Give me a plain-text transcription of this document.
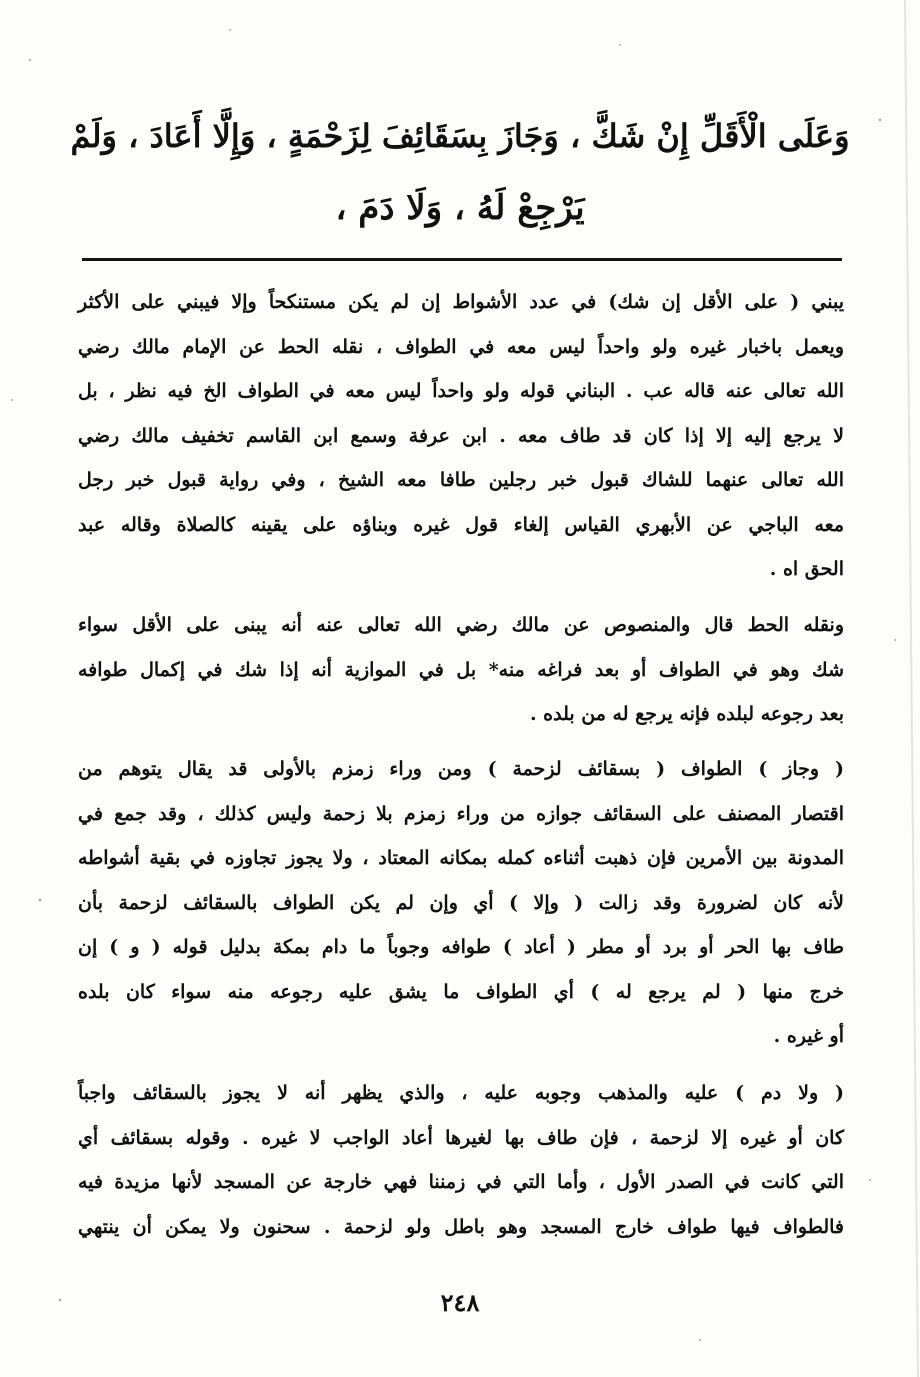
وَعَلَى الْأَقَلِّ إِنْ شَكَّ ، وَجَازَ بِسَقَائِفَ لِزَحْمَةٍ ، وَإِلَّا أَعَادَ ، وَلَمْ
يَرْجِعْ لَهُ ، وَلَا دَمَ ،
يبني ( على الأقل إن شك) في عدد الأشواط إن لم يكن مستنكحاً وإلا فيبني على الأكثر
ويعمل باخبار غيره ولو واحداً ليس معه في الطواف ، نقله الحط عن الإمام مالك رضي
الله تعالى عنه قاله عب . البناني قوله ولو واحداً ليس معه في الطواف الخ فيه نظر ، بل
لا يرجع إليه إلا إذا كان قد طاف معه . ابن عرفة وسمع ابن القاسم تخفيف مالك رضي
الله تعالى عنهما للشاك قبول خبر رجلين طافا معه الشيخ ، وفي رواية قبول خبر رجل
معه الباجي عن الأبهري القياس إلغاء قول غيره وبناؤه على يقينه كالصلاة وقاله عبد
الحق اه .
ونقله الحط قال والمنصوص عن مالك رضي الله تعالى عنه أنه يبنى على الأقل سواء
شك وهو في الطواف أو بعد فراغه منه* بل في الموازية أنه إذا شك في إكمال طوافه
بعد رجوعه لبلده فإنه يرجع له من بلده .
( وجاز ) الطواف ( بسقائف لزحمة ) ومن وراء زمزم بالأولى قد يقال يتوهم من
اقتصار المصنف على السقائف جوازه من وراء زمزم بلا زحمة وليس كذلك ، وقد جمع في
المدونة بين الأمرين فإن ذهبت أثناءه كمله بمكانه المعتاد ، ولا يجوز تجاوزه في بقية أشواطه
لأنه كان لضرورة وقد زالت ( وإلا ) أي وإن لم يكن الطواف بالسقائف لزحمة بأن
طاف بها الحر أو برد أو مطر ( أعاد ) طوافه وجوباً ما دام بمكة بدليل قوله ( و ) إن
خرج منها ( لم يرجع له ) أي الطواف ما يشق عليه رجوعه منه سواء كان بلده
أو غيره .
( ولا دم ) عليه والمذهب وجوبه عليه ، والذي يظهر أنه لا يجوز بالسقائف واجباً
كان أو غيره إلا لزحمة ، فإن طاف بها لغيرها أعاد الواجب لا غيره . وقوله بسقائف أي
التي كانت في الصدر الأول ، وأما التي في زمننا فهي خارجة عن المسجد لأنها مزيدة فيه
فالطواف فيها طواف خارج المسجد وهو باطل ولو لزحمة . سحنون ولا يمكن أن ينتهي
٢٤٨
